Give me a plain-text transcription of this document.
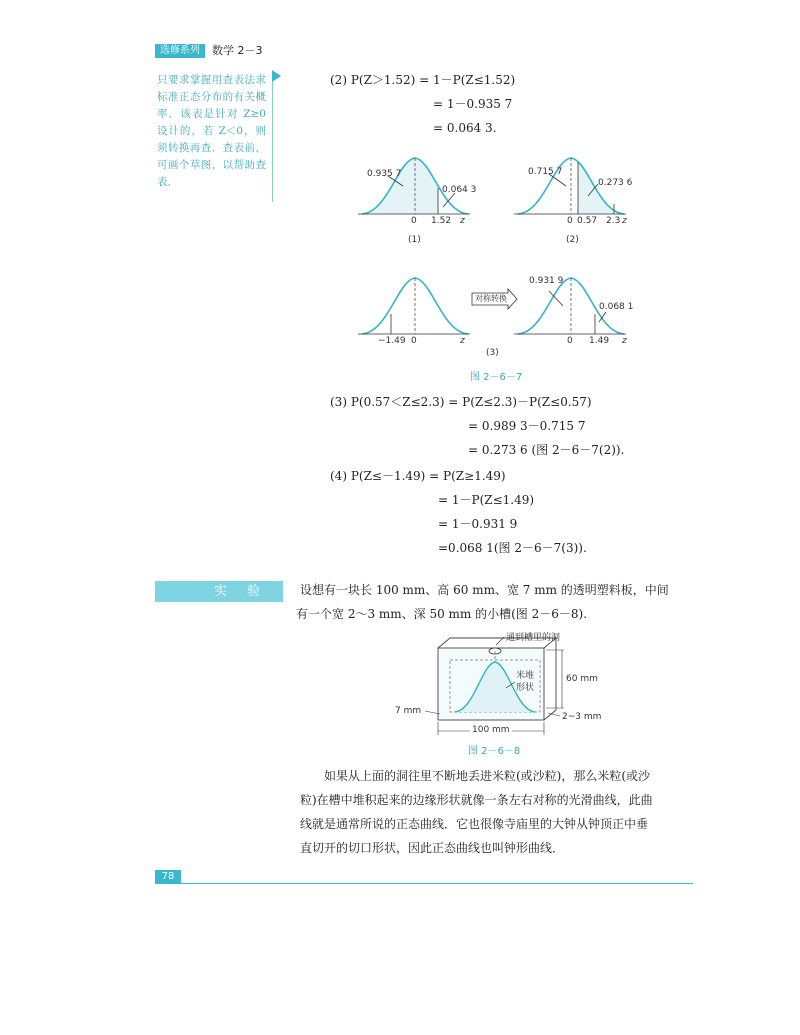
选修系列	数学 2－3
只要求掌握用查表法求标准正态分布的有关概率．该表是针对 Z≥0 设计的，若 Z＜0，则须转换再查．查表前，可画个草图，以帮助查表．
(2) P(Z＞1.52) = 1－P(Z≤1.52)
= 1－0.935 7
= 0.064 3.
0.935 7
0.064 3
0 1.52 z
(1)
0.715 7
0.273 6
0 0.57 2.3 z
(2)
−1.49 0	z
对称转换
0.931 9
0.068 1
0 1.49 z
(3)
图 2－6－7
(3) P(0.57＜Z≤2.3) = P(Z≤2.3)－P(Z≤0.57)
= 0.989 3－0.715 7
= 0.273 6 (图 2－6－7(2)).
(4) P(Z≤－1.49) = P(Z≥1.49)
= 1－P(Z≤1.49)
= 1－0.931 9
=0.068 1(图 2－6－7(3)).
实 验	设想有一块长 100 mm、高 60 mm、宽 7 mm 的透明塑料板，中间
有一个宽 2～3 mm、深 50 mm 的小槽(图 2－6－8).
通到槽里的洞
米堆
形状
60 mm
7 mm
2~3 mm
100 mm
图 2－6－8
如果从上面的洞往里不断地丢进米粒(或沙粒)，那么米粒(或沙
粒)在槽中堆积起来的边缘形状就像一条左右对称的光滑曲线，此曲
线就是通常所说的正态曲线．它也很像寺庙里的大钟从钟顶正中垂
直切开的切口形状，因此正态曲线也叫钟形曲线．
78
